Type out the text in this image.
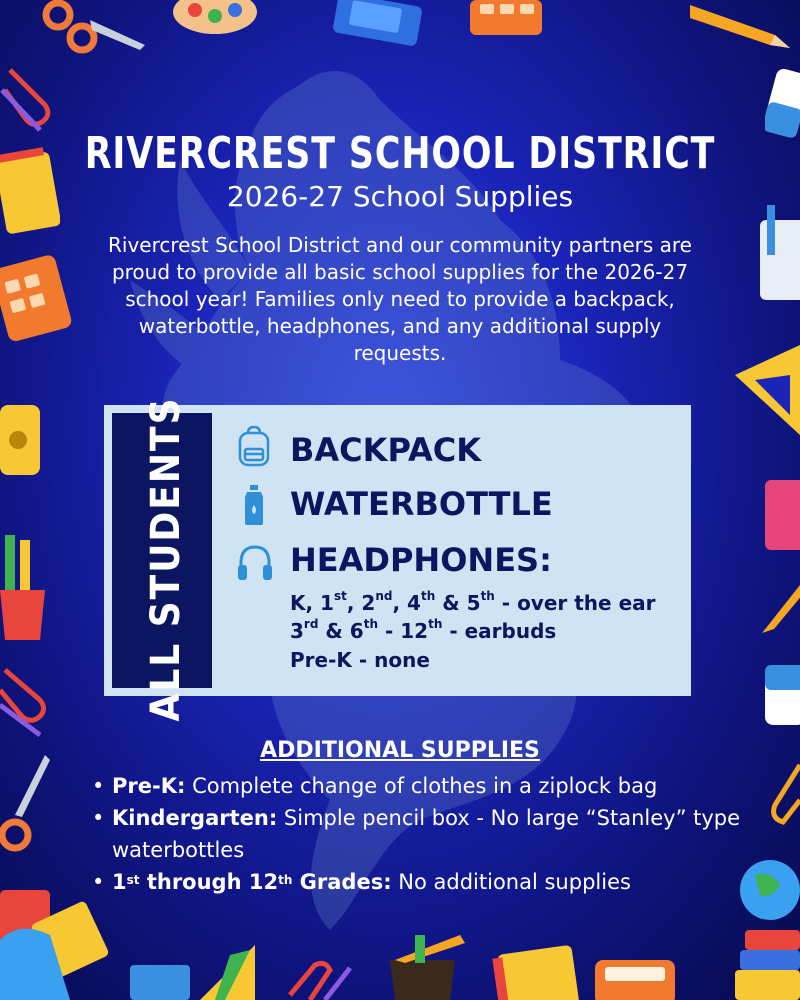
RIVERCREST SCHOOL DISTRICT
2026-27 School Supplies
Rivercrest School District and our community partners are proud to provide all basic school supplies for the 2026-27 school year! Families only need to provide a backpack, waterbottle, headphones, and any additional supply requests.
ALL STUDENTS	BACKPACK
WATERBOTTLE
HEADPHONES:
K, 1st, 2nd, 4th & 5th - over the ear
3rd & 6th - 12th - earbuds
Pre-K - none
ADDITIONAL SUPPLIES
• Pre-K: Complete change of clothes in a ziplock bag
• Kindergarten: Simple pencil box - No large “Stanley” type waterbottles
• 1st through 12th Grades: No additional supplies
